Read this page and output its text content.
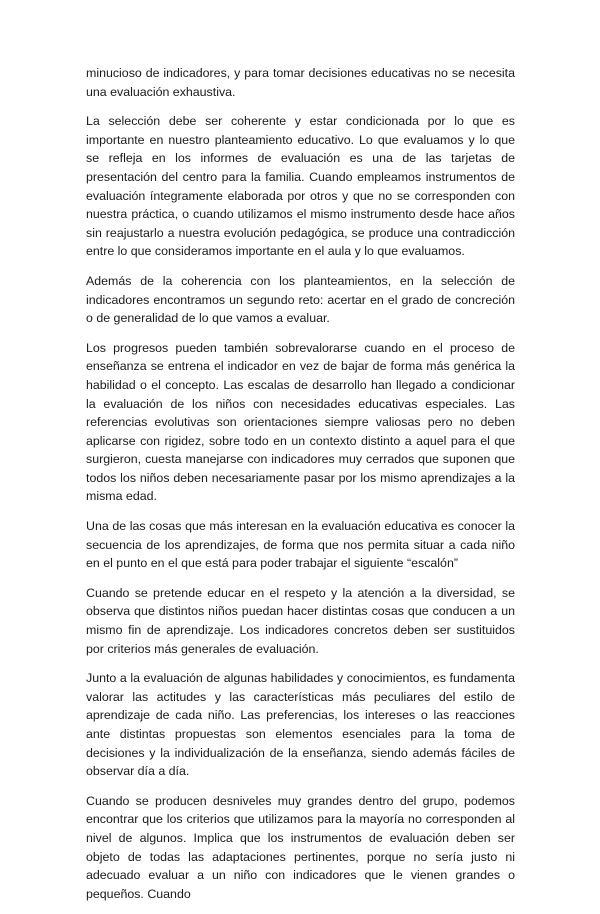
minucioso de indicadores, y para tomar decisiones educativas no se necesita una evaluación exhaustiva.

La selección debe ser coherente y estar condicionada por lo que es importante en nuestro planteamiento educativo. Lo que evaluamos y lo que se refleja en los informes de evaluación es una de las tarjetas de presentación del centro para la familia. Cuando empleamos instrumentos de evaluación íntegramente elaborada por otros y que no se corresponden con nuestra práctica, o cuando utilizamos el mismo instrumento desde hace años sin reajustarlo a nuestra evolución pedagógica, se produce una contradicción entre lo que consideramos importante en el aula y lo que evaluamos.

Además de la coherencia con los planteamientos, en la selección de indicadores encontramos un segundo reto: acertar en el grado de concreción o de generalidad de lo que vamos a evaluar.

Los progresos pueden también sobrevalorarse cuando en el proceso de enseñanza se entrena el indicador en vez de bajar de forma más genérica la habilidad o el concepto. Las escalas de desarrollo han llegado a condicionar la evaluación de los niños con necesidades educativas especiales. Las referencias evolutivas son orientaciones siempre valiosas pero no deben aplicarse con rigidez, sobre todo en un contexto distinto a aquel para el que surgieron, cuesta manejarse con indicadores muy cerrados que suponen que todos los niños deben necesariamente pasar por los mismo aprendizajes a la misma edad.

Una de las cosas que más interesan en la evaluación educativa es conocer la secuencia de los aprendizajes, de forma que nos permita situar a cada niño en el punto en el que está para poder trabajar el siguiente “escalón”

Cuando se pretende educar en el respeto y la atención a la diversidad, se observa que distintos niños puedan hacer distintas cosas que conducen a un mismo fin de aprendizaje. Los indicadores concretos deben ser sustituidos por criterios más generales de evaluación.

Junto a la evaluación de algunas habilidades y conocimientos, es fundamenta valorar las actitudes y las características más peculiares del estilo de aprendizaje de cada niño. Las preferencias, los intereses o las reacciones ante distintas propuestas son elementos esenciales para la toma de decisiones y la individualización de la enseñanza, siendo además fáciles de observar día a día.

Cuando se producen desniveles muy grandes dentro del grupo, podemos encontrar que los criterios que utilizamos para la mayoría no corresponden al nivel de algunos. Implica que los instrumentos de evaluación deben ser objeto de todas las adaptaciones pertinentes, porque no sería justo ni adecuado evaluar a un niño con indicadores que le vienen grandes o pequeños. Cuando
